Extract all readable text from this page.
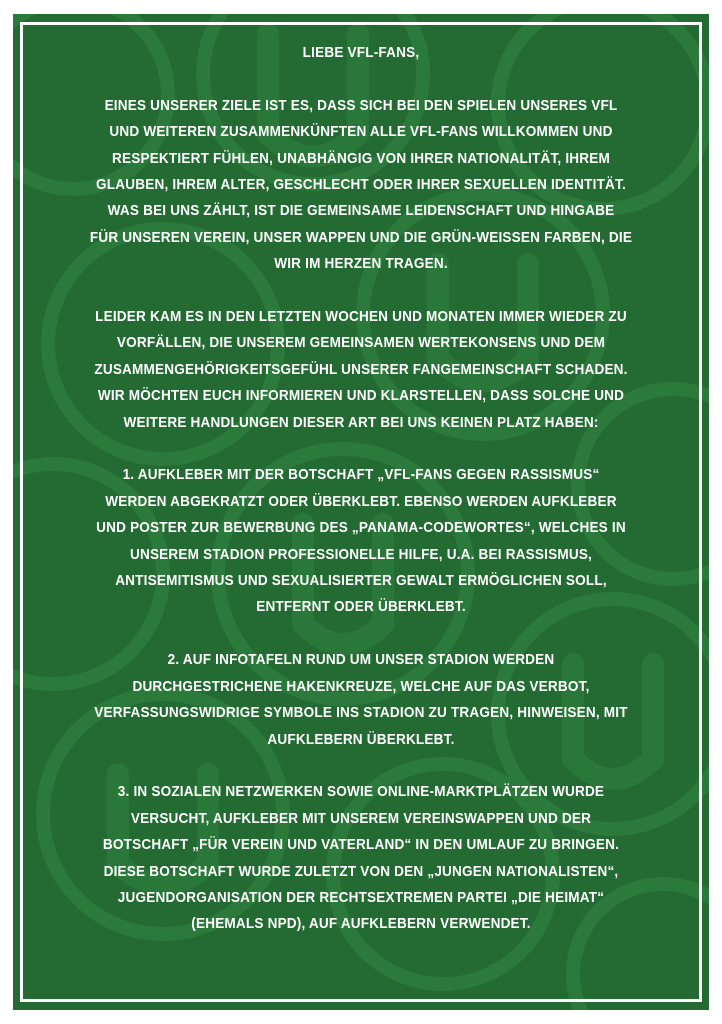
LIEBE VFL-FANS,

EINES UNSERER ZIELE IST ES, DASS SICH BEI DEN SPIELEN UNSERES VFL

UND WEITEREN ZUSAMMENKÜNFTEN ALLE VFL-FANS WILLKOMMEN UND

RESPEKTIERT FÜHLEN, UNABHÄNGIG VON IHRER NATIONALITÄT, IHREM

GLAUBEN, IHREM ALTER, GESCHLECHT ODER IHRER SEXUELLEN IDENTITÄT.

WAS BEI UNS ZÄHLT, IST DIE GEMEINSAME LEIDENSCHAFT UND HINGABE

FÜR UNSEREN VEREIN, UNSER WAPPEN UND DIE GRÜN-WEISSEN FARBEN, DIE

WIR IM HERZEN TRAGEN.

LEIDER KAM ES IN DEN LETZTEN WOCHEN UND MONATEN IMMER WIEDER ZU

VORFÄLLEN, DIE UNSEREM GEMEINSAMEN WERTEKONSENS UND DEM

ZUSAMMENGEHÖRIGKEITSGEFÜHL UNSERER FANGEMEINSCHAFT SCHADEN.

WIR MÖCHTEN EUCH INFORMIEREN UND KLARSTELLEN, DASS SOLCHE UND

WEITERE HANDLUNGEN DIESER ART BEI UNS KEINEN PLATZ HABEN:

1. AUFKLEBER MIT DER BOTSCHAFT „VFL-FANS GEGEN RASSISMUS“

WERDEN ABGEKRATZT ODER ÜBERKLEBT. EBENSO WERDEN AUFKLEBER

UND POSTER ZUR BEWERBUNG DES „PANAMA-CODEWORTES“, WELCHES IN

UNSEREM STADION PROFESSIONELLE HILFE, U.A. BEI RASSISMUS,

ANTISEMITISMUS UND SEXUALISIERTER GEWALT ERMÖGLICHEN SOLL,

ENTFERNT ODER ÜBERKLEBT.

2. AUF INFOTAFELN RUND UM UNSER STADION WERDEN

DURCHGESTRICHENE HAKENKREUZE, WELCHE AUF DAS VERBOT,

VERFASSUNGSWIDRIGE SYMBOLE INS STADION ZU TRAGEN, HINWEISEN, MIT

AUFKLEBERN ÜBERKLEBT.

3. IN SOZIALEN NETZWERKEN SOWIE ONLINE-MARKTPLÄTZEN WURDE

VERSUCHT, AUFKLEBER MIT UNSEREM VEREINSWAPPEN UND DER

BOTSCHAFT „FÜR VEREIN UND VATERLAND“ IN DEN UMLAUF ZU BRINGEN.

DIESE BOTSCHAFT WURDE ZULETZT VON DEN „JUNGEN NATIONALISTEN“,

JUGENDORGANISATION DER RECHTSEXTREMEN PARTEI „DIE HEIMAT“

(EHEMALS NPD), AUF AUFKLEBERN VERWENDET.
